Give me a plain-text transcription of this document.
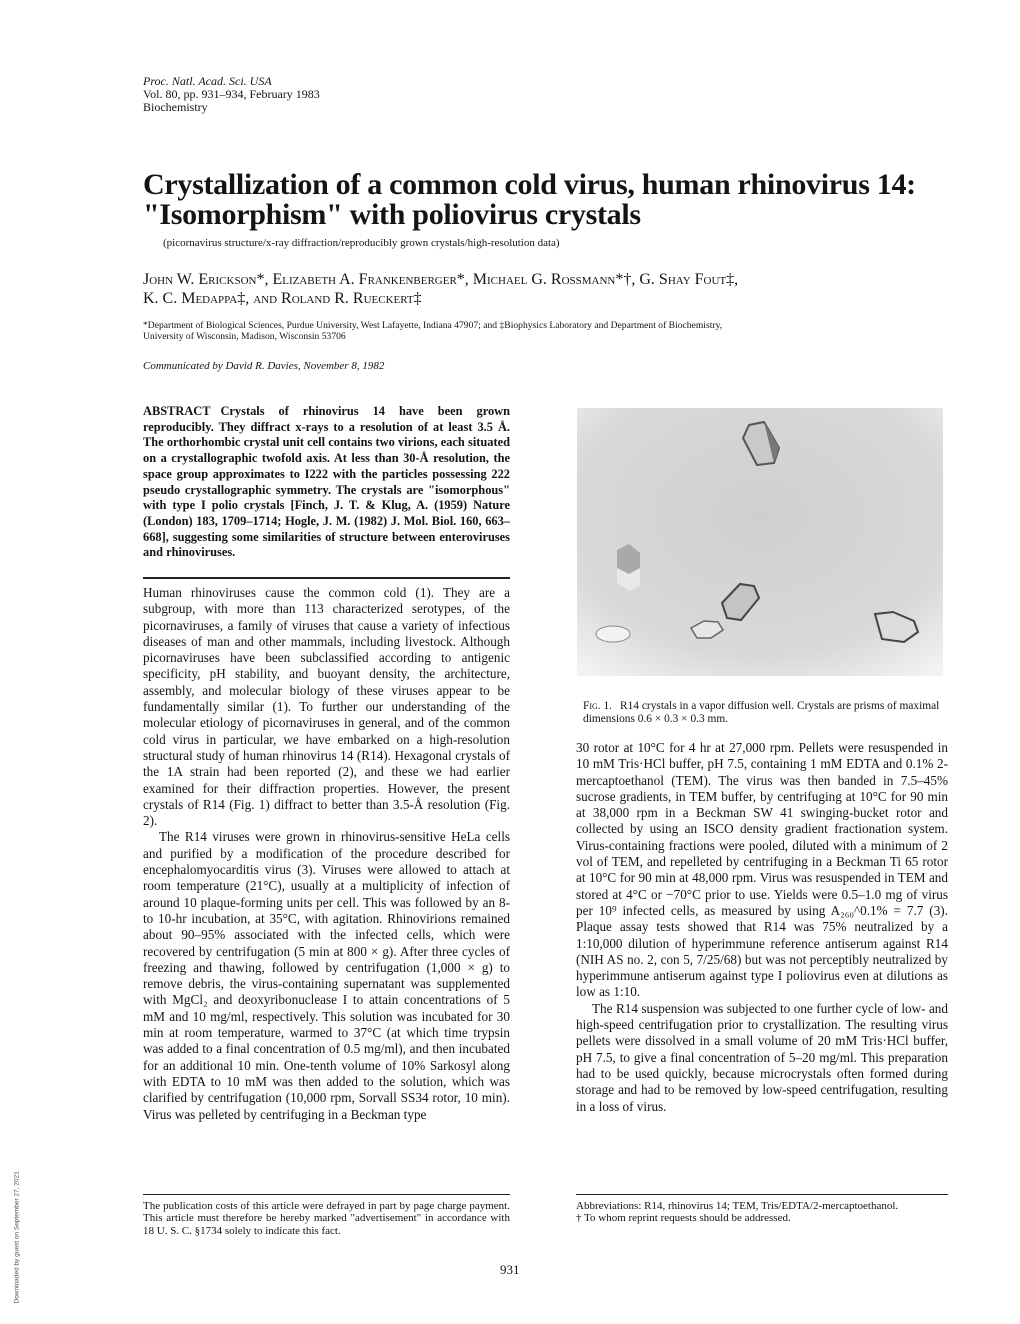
Proc. Natl. Acad. Sci. USA
Vol. 80, pp. 931–934, February 1983
Biochemistry
Crystallization of a common cold virus, human rhinovirus 14:
"Isomorphism" with poliovirus crystals
(picornavirus structure/x-ray diffraction/reproducibly grown crystals/high-resolution data)
John W. Erickson*, Elizabeth A. Frankenberger*, Michael G. Rossmann*†, G. Shay Fout‡,
K. C. Medappa‡, and Roland R. Rueckert‡
*Department of Biological Sciences, Purdue University, West Lafayette, Indiana 47907; and ‡Biophysics Laboratory and Department of Biochemistry,
University of Wisconsin, Madison, Wisconsin 53706
Communicated by David R. Davies, November 8, 1982

ABSTRACT Crystals of rhinovirus 14 have been grown reproducibly. They diffract x-rays to a resolution of at least 3.5 Å. The orthorhombic crystal unit cell contains two virions, each situated on a crystallographic twofold axis. At less than 30-Å resolution, the space group approximates to I222 with the particles possessing 222 pseudo crystallographic symmetry. The crystals are "isomorphous" with type I polio crystals [Finch, J. T. & Klug, A. (1959) Nature (London) 183, 1709–1714; Hogle, J. M. (1982) J. Mol. Biol. 160, 663–668], suggesting some similarities of structure between enteroviruses and rhinoviruses.

Human rhinoviruses cause the common cold (1). They are a subgroup, with more than 113 characterized serotypes, of the picornaviruses, a family of viruses that cause a variety of infectious diseases of man and other mammals, including livestock. Although picornaviruses have been subclassified according to antigenic specificity, pH stability, and buoyant density, the architecture, assembly, and molecular biology of these viruses appear to be fundamentally similar (1). To further our understanding of the molecular etiology of picornaviruses in general, and of the common cold virus in particular, we have embarked on a high-resolution structural study of human rhinovirus 14 (R14). Hexagonal crystals of the 1A strain had been reported (2), and these we had earlier examined for their diffraction properties. However, the present crystals of R14 (Fig. 1) diffract to better than 3.5-Å resolution (Fig. 2).

The R14 viruses were grown in rhinovirus-sensitive HeLa cells and purified by a modification of the procedure described for encephalomyocarditis virus (3). Viruses were allowed to attach at room temperature (21°C), usually at a multiplicity of infection of around 10 plaque-forming units per cell. This was followed by an 8- to 10-hr incubation, at 35°C, with agitation. Rhinovirions remained about 90–95% associated with the infected cells, which were recovered by centrifugation (5 min at 800 × g). After three cycles of freezing and thawing, followed by centrifugation (1,000 × g) to remove debris, the virus-containing supernatant was supplemented with MgCl₂ and deoxyribonuclease I to attain concentrations of 5 mM and 10 mg/ml, respectively. This solution was incubated for 30 min at room temperature, warmed to 37°C (at which time trypsin was added to a final concentration of 0.5 mg/ml), and then incubated for an additional 10 min. One-tenth volume of 10% Sarkosyl along with EDTA to 10 mM was then added to the solution, which was clarified by centrifugation (10,000 rpm, Sorvall SS34 rotor, 10 min). Virus was pelleted by centrifuging in a Beckman type

Fig. 1. R14 crystals in a vapor diffusion well. Crystals are prisms of maximal dimensions 0.6 × 0.3 × 0.3 mm.

30 rotor at 10°C for 4 hr at 27,000 rpm. Pellets were resuspended in 10 mM Tris·HCl buffer, pH 7.5, containing 1 mM EDTA and 0.1% 2-mercaptoethanol (TEM). The virus was then banded in 7.5–45% sucrose gradients, in TEM buffer, by centrifuging at 10°C for 90 min at 38,000 rpm in a Beckman SW 41 swinging-bucket rotor and collected by using an ISCO density gradient fractionation system. Virus-containing fractions were pooled, diluted with a minimum of 2 vol of TEM, and repelleted by centrifuging in a Beckman Ti 65 rotor at 10°C for 90 min at 48,000 rpm. Virus was resuspended in TEM and stored at 4°C or −70°C prior to use. Yields were 0.5–1.0 mg of virus per 10⁹ infected cells, as measured by using A₂₆₀^0.1% = 7.7 (3). Plaque assay tests showed that R14 was 75% neutralized by a 1:10,000 dilution of hyperimmune reference antiserum against R14 (NIH AS no. 2, con 5, 7/25/68) but was not perceptibly neutralized by hyperimmune antiserum against type I poliovirus even at dilutions as low as 1:10.

The R14 suspension was subjected to one further cycle of low- and high-speed centrifugation prior to crystallization. The resulting virus pellets were dissolved in a small volume of 20 mM Tris·HCl buffer, pH 7.5, to give a final concentration of 5–20 mg/ml. This preparation had to be used quickly, because microcrystals often formed during storage and had to be removed by low-speed centrifugation, resulting in a loss of virus.

The publication costs of this article were defrayed in part by page charge payment. This article must therefore be hereby marked "advertisement" in accordance with 18 U. S. C. §1734 solely to indicate this fact.
Abbreviations: R14, rhinovirus 14; TEM, Tris/EDTA/2-mercaptoethanol.
† To whom reprint requests should be addressed.
931
Downloaded by guest on September 27, 2021
